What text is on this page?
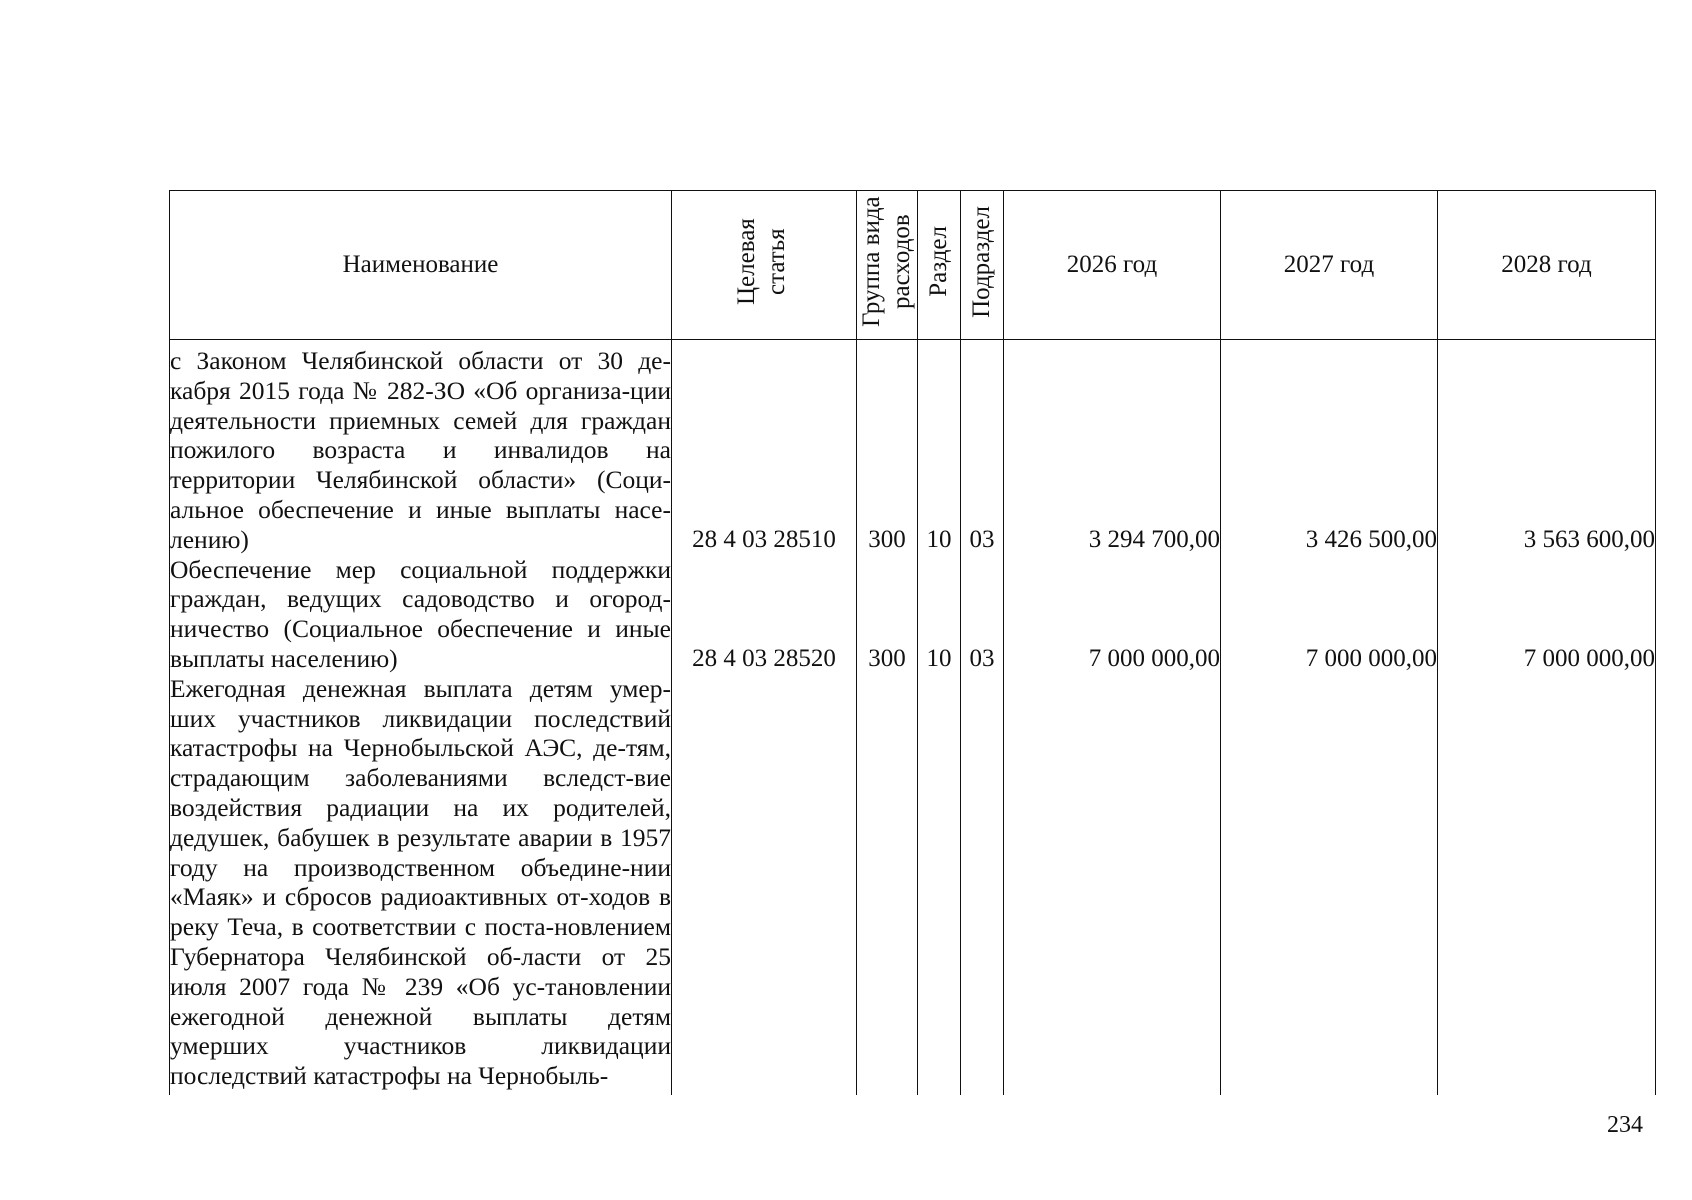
Наименование	Целевая статья	Группа вида расходов	Раздел	Подраздел	2026 год	2027 год	2028 год
с Законом Челябинской области от 30 де-кабря 2015 года № 282-ЗО «Об организа-ции деятельности приемных семей для граждан пожилого возраста и инвалидов на территории Челябинской области» (Соци-альное обеспечение и иные выплаты насе-лению)	28 4 03 28510	300	10	03	3 294 700,00	3 426 500,00	3 563 600,00
Обеспечение мер социальной поддержки граждан, ведущих садоводство и огород-ничество (Социальное обеспечение и иные выплаты населению)	28 4 03 28520	300	10	03	7 000 000,00	7 000 000,00	7 000 000,00
Ежегодная денежная выплата детям умер-ших участников ликвидации последствий катастрофы на Чернобыльской АЭС, де-тям, страдающим заболеваниями вследст-вие воздействия радиации на их родителей, дедушек, бабушек в результате аварии в 1957 году на производственном объедине-нии «Маяк» и сбросов радиоактивных от-ходов в реку Теча, в соответствии с поста-новлением Губернатора Челябинской об-ласти от 25 июля 2007 года № 239 «Об ус-тановлении ежегодной денежной выплаты детям умерших участников ликвидации последствий катастрофы на Чернобыль-							

234
